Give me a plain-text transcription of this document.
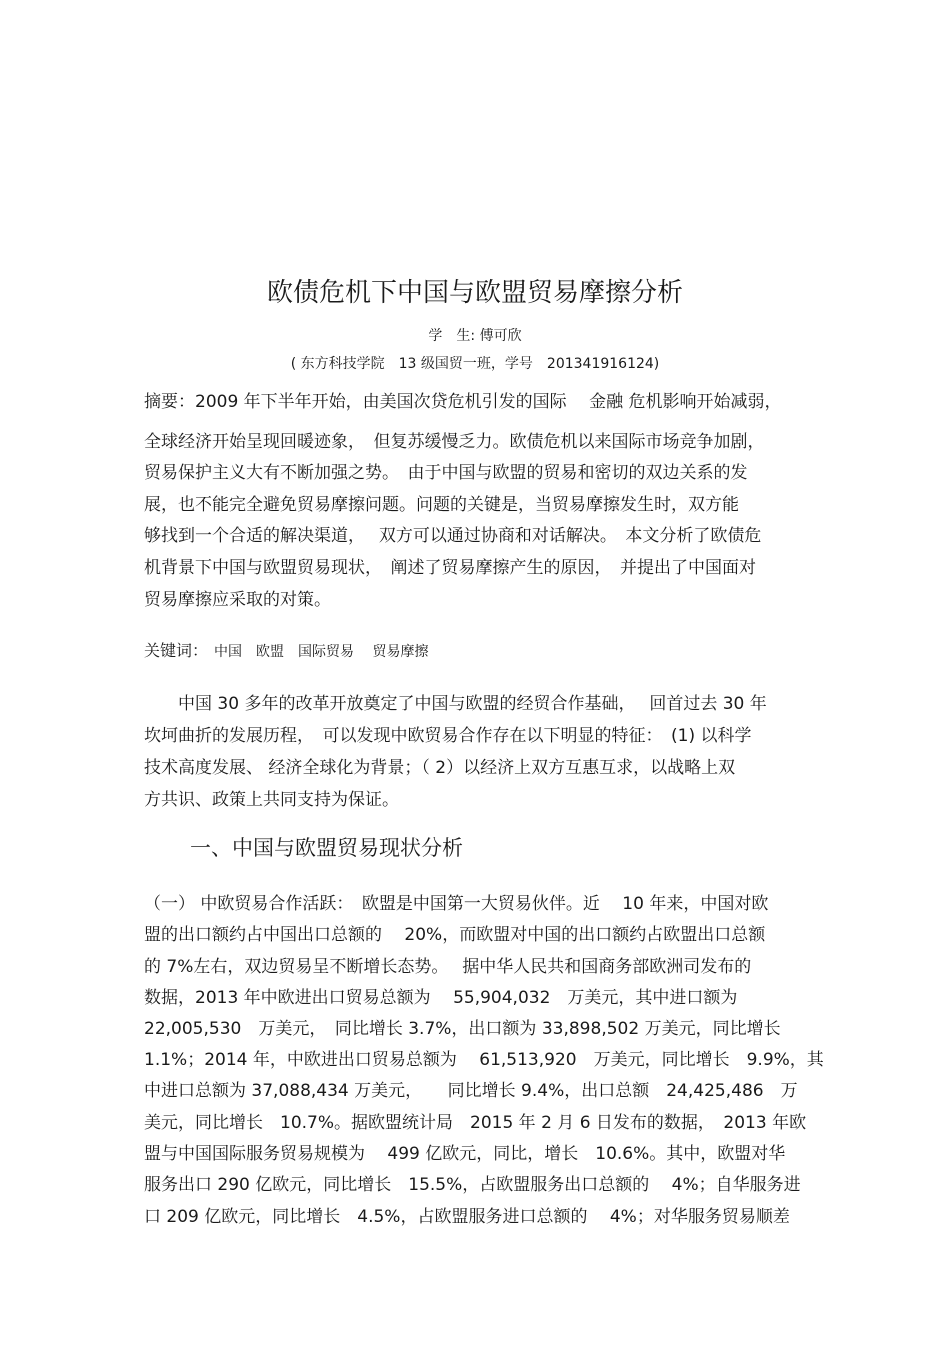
欧债危机下中国与欧盟贸易摩擦分析
学　生: 傅可欣
( 东方科技学院　13 级国贸一班，学号　201341916124)
摘要：2009 年下半年开始，由美国次贷危机引发的国际　 金融 危机影响开始减弱，
全球经济开始呈现回暖迹象，　但复苏缓慢乏力。欧债危机以来国际市场竞争加剧，
贸易保护主义大有不断加强之势。　由于中国与欧盟的贸易和密切的双边关系的发
展，也不能完全避免贸易摩擦问题。问题的关键是，当贸易摩擦发生时，双方能
够找到一个合适的解决渠道，　 双方可以通过协商和对话解决。　本文分析了欧债危
机背景下中国与欧盟贸易现状，　阐述了贸易摩擦产生的原因，　并提出了中国面对
贸易摩擦应采取的对策。
关键词： 中国　欧盟　国际贸易　 贸易摩擦
　　中国 30 多年的改革开放奠定了中国与欧盟的经贸合作基础，　 回首过去 30 年
坎坷曲折的发展历程，　可以发现中欧贸易合作存在以下明显的特征：　(1) 以科学
技术高度发展、 经济全球化为背景；（ 2）以经济上双方互惠互求，以战略上双
方共识、政策上共同支持为保证。
一、中国与欧盟贸易现状分析
（一） 中欧贸易合作活跃：　欧盟是中国第一大贸易伙伴。近　 10 年来，中国对欧
盟的出口额约占中国出口总额的　 20%，而欧盟对中国的出口额约占欧盟出口总额
的 7%左右，双边贸易呈不断增长态势。　 据中华人民共和国商务部欧洲司发布的
数据，2013 年中欧进出口贸易总额为　 55,904,032　万美元，其中进口额为
22,005,530　万美元，　同比增长 3.7%，出口额为 33,898,502 万美元，同比增长
1.1%；2014 年，中欧进出口贸易总额为　 61,513,920　万美元，同比增长　9.9%，其
中进口总额为 37,088,434 万美元，　　同比增长 9.4%，出口总额　24,425,486　万
美元，同比增长　10.7%。据欧盟统计局　2015 年 2 月 6 日发布的数据，　2013 年欧
盟与中国国际服务贸易规模为　 499 亿欧元，同比，增长　10.6%。其中，欧盟对华
服务出口 290 亿欧元，同比增长　15.5%，占欧盟服务出口总额的　 4%；自华服务进
口 209 亿欧元，同比增长　4.5%，占欧盟服务进口总额的　 4%；对华服务贸易顺差
